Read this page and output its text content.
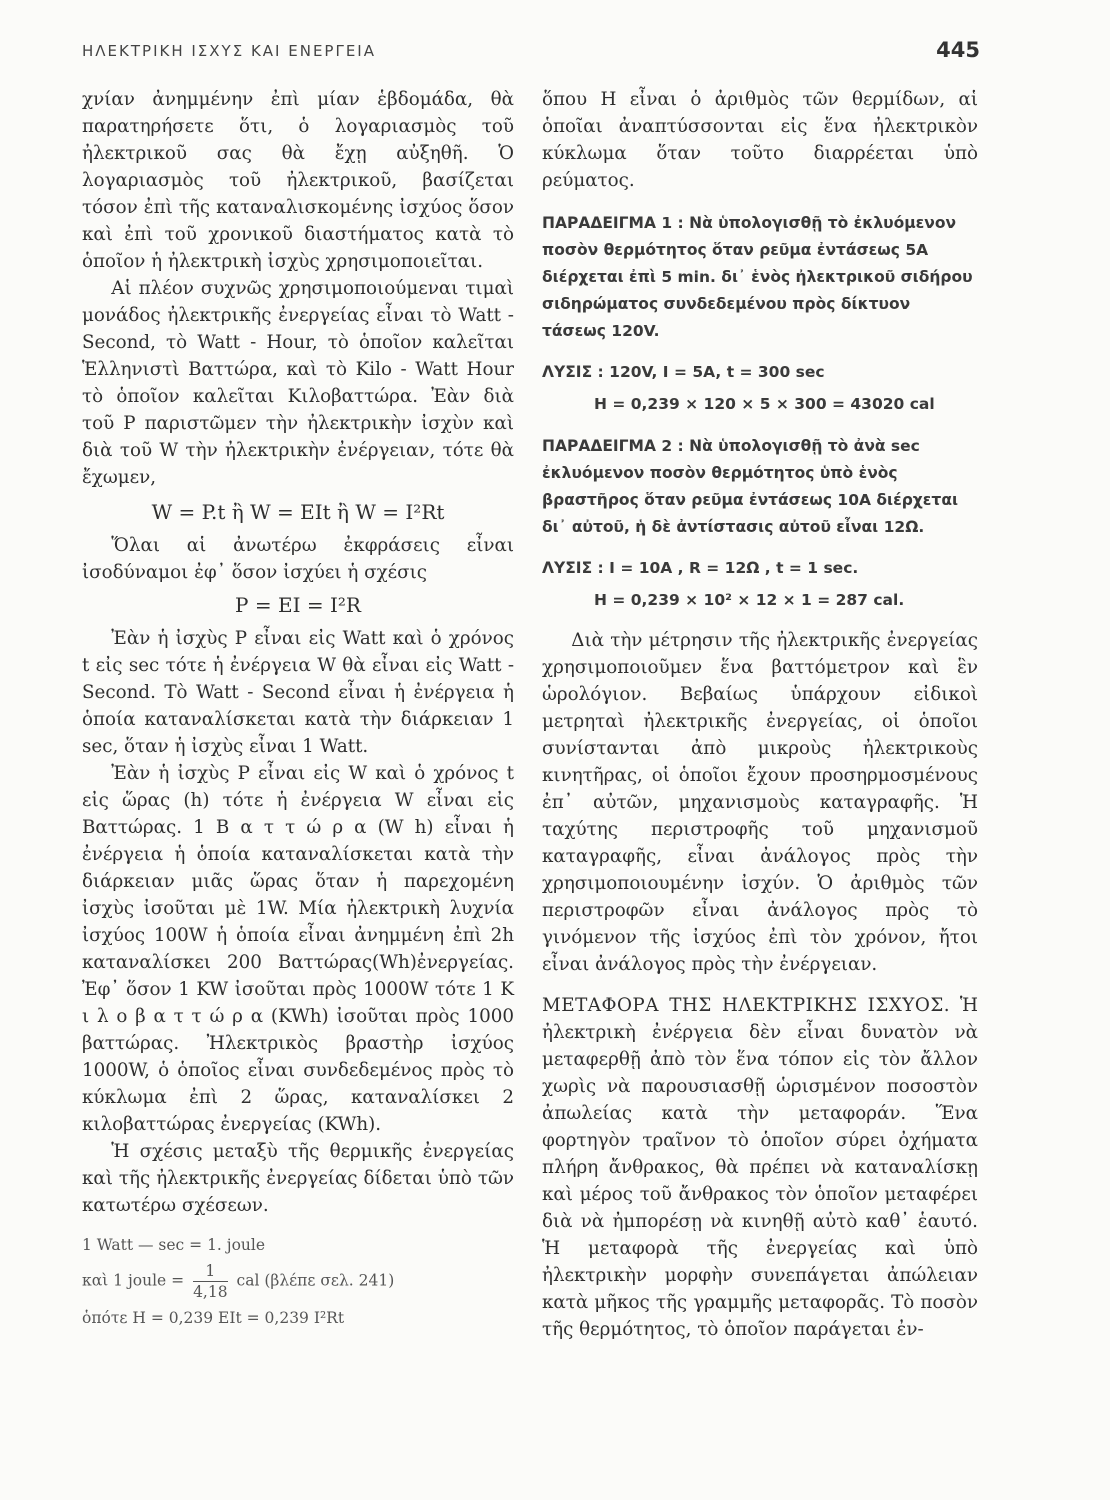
ΗΛΕΚΤΡΙΚΗ ΙΣΧΥΣ ΚΑΙ ΕΝΕΡΓΕΙΑ	445

χνίαν ἀνημμένην ἐπὶ μίαν ἑβδομάδα, θὰ παρατηρήσετε ὅτι, ὁ λογαριασμὸς τοῦ ἠλεκτρικοῦ σας θὰ ἔχῃ αὐξηθῆ. Ὁ λογαριασμὸς τοῦ ἠλεκτρικοῦ, βασίζεται τόσον ἐπὶ τῆς καταναλισκομένης ἰσχύος ὅσον καὶ ἐπὶ τοῦ χρονικοῦ διαστήματος κατὰ τὸ ὁποῖον ἡ ἠλεκτρικὴ ἰσχὺς χρησιμοποιεῖται.

Αἱ πλέον συχνῶς χρησιμοποιούμεναι τιμαὶ μονάδος ἠλεκτρικῆς ἐνεργείας εἶναι τὸ Watt - Second, τὸ Watt - Hour, τὸ ὁποῖον καλεῖται Ἑλληνιστὶ Βαττώρα, καὶ τὸ Kilo - Watt Hour τὸ ὁποῖον καλεῖται Κιλοβαττώρα. Ἐὰν διὰ τοῦ P παριστῶμεν τὴν ἠλεκτρικὴν ἰσχὺν καὶ διὰ τοῦ W τὴν ἠλεκτρικὴν ἐνέργειαν, τότε θὰ ἔχωμεν,

W = P.t ἢ W = EIt ἢ W = I²Rt

Ὅλαι αἱ ἀνωτέρω ἐκφράσεις εἶναι ἰσοδύναμοι ἐφ᾽ ὅσον ἰσχύει ἡ σχέσις

P = EI = I²R

Ἐὰν ἡ ἰσχὺς P εἶναι εἰς Watt καὶ ὁ χρόνος t εἰς sec τότε ἡ ἐνέργεια W θὰ εἶναι εἰς Watt - Second. Τὸ Watt - Second εἶναι ἡ ἐνέργεια ἡ ὁποία καταναλίσκεται κατὰ τὴν διάρκειαν 1 sec, ὅταν ἡ ἰσχὺς εἶναι 1 Watt.

Ἐὰν ἡ ἰσχὺς P εἶναι εἰς W καὶ ὁ χρόνος t εἰς ὥρας (h) τότε ἡ ἐνέργεια W εἶναι εἰς Βαττώρας. 1 Β α τ τ ώ ρ α (W h) εἶναι ἡ ἐνέργεια ἡ ὁποία καταναλίσκεται κατὰ τὴν διάρκειαν μιᾶς ὥρας ὅταν ἡ παρεχομένη ἰσχὺς ἰσοῦται μὲ 1W. Μία ἠλεκτρικὴ λυχνία ἰσχύος 100W ἡ ὁποία εἶναι ἀνημμένη ἐπὶ 2h καταναλίσκει 200 Βαττώρας(Wh)ἐνεργείας. Ἐφ᾽ ὅσον 1 KW ἰσοῦται πρὸς 1000W τότε 1 Κ ι λ ο β α τ τ ώ ρ α (KWh) ἰσοῦται πρὸς 1000 βαττώρας. Ἠλεκτρικὸς βραστὴρ ἰσχύος 1000W, ὁ ὁποῖος εἶναι συνδεδεμένος πρὸς τὸ κύκλωμα ἐπὶ 2 ὥρας, καταναλίσκει 2 κιλοβαττώρας ἐνεργείας (KWh).

Ἡ σχέσις μεταξὺ τῆς θερμικῆς ἐνεργείας καὶ τῆς ἠλεκτρικῆς ἐνεργείας δίδεται ὑπὸ τῶν κατωτέρω σχέσεων.

1 Watt — sec = 1. joule
καὶ 1 joule = $\frac{1}{4,18}$ cal (βλέπε σελ. 241)
ὁπότε H = 0,239 EIt = 0,239 I²Rt

ὅπου H εἶναι ὁ ἀριθμὸς τῶν θερμίδων, αἱ ὁποῖαι ἀναπτύσσονται εἰς ἕνα ἠλεκτρικὸν κύκλωμα ὅταν τοῦτο διαρρέεται ὑπὸ ρεύματος.

ΠΑΡΑΔΕΙΓΜΑ 1 : Νὰ ὑπολογισθῇ τὸ ἐκλυόμενον ποσὸν θερμότητος ὅταν ρεῦμα ἐντάσεως 5A διέρχεται ἐπὶ 5 min. δι᾽ ἑνὸς ἠλεκτρικοῦ σιδήρου σιδηρώματος συνδεδεμένου πρὸς δίκτυον τάσεως 120V.
ΛΥΣΙΣ : 120V, I = 5A, t = 300 sec
H = 0,239 × 120 × 5 × 300 = 43020 cal
ΠΑΡΑΔΕΙΓΜΑ 2 : Νὰ ὑπολογισθῇ τὸ ἀνὰ sec ἐκλυόμενον ποσὸν θερμότητος ὑπὸ ἑνὸς βραστῆρος ὅταν ρεῦμα ἐντάσεως 10A διέρχεται δι᾽ αὐτοῦ, ἡ δὲ ἀντίστασις αὐτοῦ εἶναι 12Ω.
ΛΥΣΙΣ : I = 10A , R = 12Ω , t = 1 sec.
H = 0,239 × 10² × 12 × 1 = 287 cal.

Διὰ τὴν μέτρησιν τῆς ἠλεκτρικῆς ἐνεργείας χρησιμοποιοῦμεν ἕνα βαττόμετρον καὶ ἓν ὡρολόγιον. Βεβαίως ὑπάρχουν εἰδικοὶ μετρηταὶ ἠλεκτρικῆς ἐνεργείας, οἱ ὁποῖοι συνίστανται ἀπὸ μικροὺς ἠλεκτρικοὺς κινητῆρας, οἱ ὁποῖοι ἔχουν προσηρμοσμένους ἐπ᾽ αὐτῶν, μηχανισμοὺς καταγραφῆς. Ἡ ταχύτης περιστροφῆς τοῦ μηχανισμοῦ καταγραφῆς, εἶναι ἀνάλογος πρὸς τὴν χρησιμοποιουμένην ἰσχύν. Ὁ ἀριθμὸς τῶν περιστροφῶν εἶναι ἀνάλογος πρὸς τὸ γινόμενον τῆς ἰσχύος ἐπὶ τὸν χρόνον, ἤτοι εἶναι ἀνάλογος πρὸς τὴν ἐνέργειαν.

ΜΕΤΑΦΟΡΑ ΤΗΣ ΗΛΕΚΤΡΙΚΗΣ ΙΣΧΥΟΣ. Ἡ ἠλεκτρικὴ ἐνέργεια δὲν εἶναι δυνατὸν νὰ μεταφερθῇ ἀπὸ τὸν ἕνα τόπον εἰς τὸν ἄλλον χωρὶς νὰ παρουσιασθῇ ὡρισμένον ποσοστὸν ἀπωλείας κατὰ τὴν μεταφοράν. Ἕνα φορτηγὸν τραῖνον τὸ ὁποῖον σύρει ὀχήματα πλήρη ἄνθρακος, θὰ πρέπει νὰ καταναλίσκῃ καὶ μέρος τοῦ ἄνθρακος τὸν ὁποῖον μεταφέρει διὰ νὰ ἠμπορέσῃ νὰ κινηθῇ αὐτὸ καθ᾽ ἑαυτό. Ἡ μεταφορὰ τῆς ἐνεργείας καὶ ὑπὸ ἠλεκτρικὴν μορφὴν συνεπάγεται ἀπώλειαν κατὰ μῆκος τῆς γραμμῆς μεταφορᾶς. Τὸ ποσὸν τῆς θερμότητος, τὸ ὁποῖον παράγεται ἐν-
